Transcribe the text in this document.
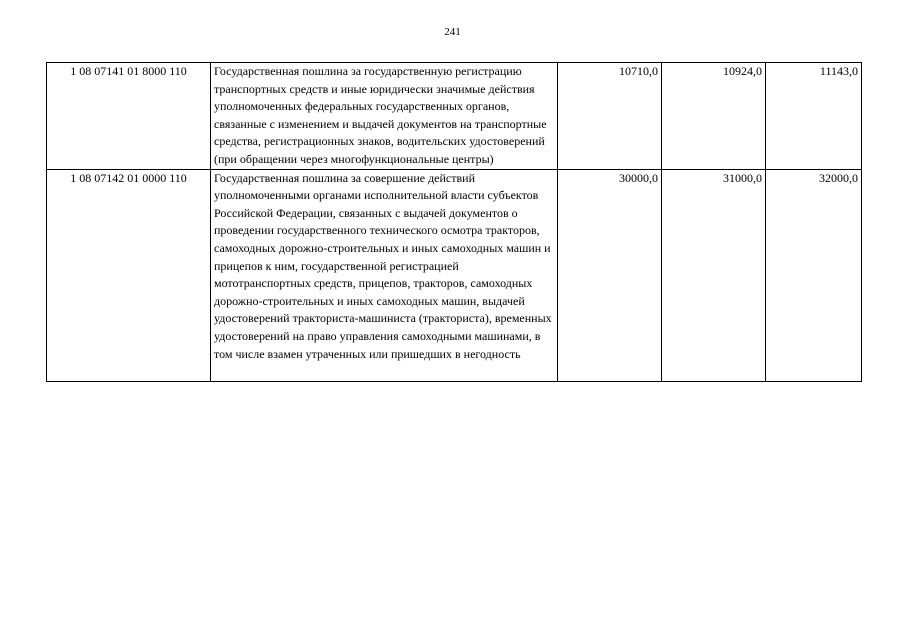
241
1 08 07141 01 8000 110	Государственная пошлина за государственную регистрацию транспортных средств и иные юридически значимые действия уполномоченных федеральных государственных органов, связанные с изменением и выдачей документов на транспортные средства, регистрационных знаков, водительских удостоверений (при обращении через многофункциональные центры)	10710,0	10924,0	11143,0
1 08 07142 01 0000 110	Государственная пошлина за совершение действий уполномоченными органами исполнительной власти субъектов Российской Федерации, связанных с выдачей документов о проведении государственного технического осмотра тракторов, самоходных дорожно-строительных и иных самоходных машин и прицепов к ним, государственной регистрацией мототранспортных средств, прицепов, тракторов, самоходных дорожно-строительных и иных самоходных машин, выдачей удостоверений тракториста-машиниста (тракториста), временных удостоверений на право управления самоходными машинами, в том числе взамен утраченных или пришедших в негодность	30000,0	31000,0	32000,0
